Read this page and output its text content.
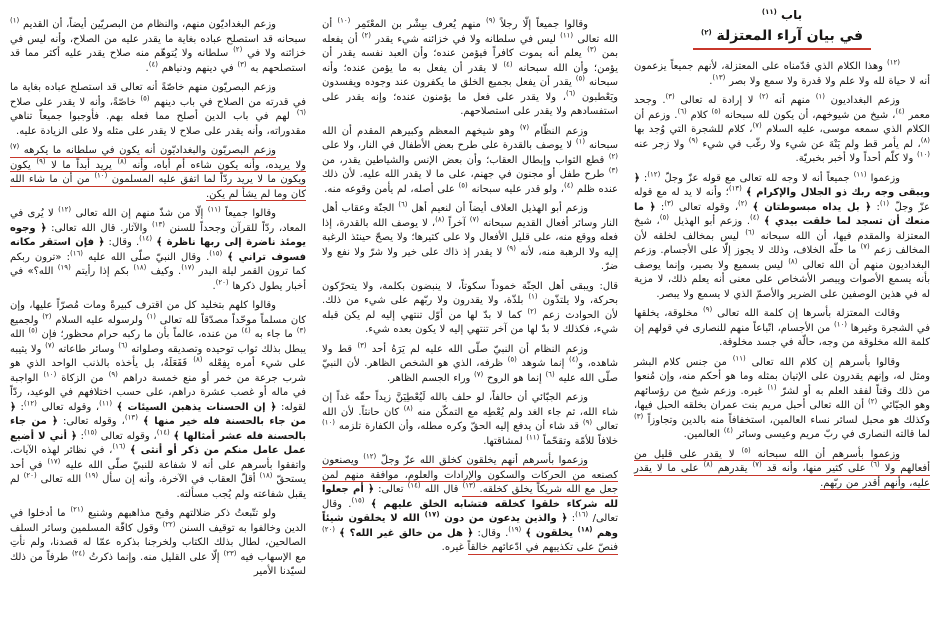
باب $^{(١١)}$
في بيان آراء المعتزلة $^{(٢)}$

$^{(١٢)}$ وهذا الكلام الذي قدّمناه على المعتزلة، لأنهم جميعاً يزعمون أنه لا حياة لله ولا علم ولا قدرة ولا سمع ولا بصر $^{(١٣)}$.

وزعم البغداديون $^{(١)}$ منهم أنه $^{(٢)}$ لا إرادة له تعالى $^{(٣)}$. وجحد معمر $^{(٤)}$، شيخ من شيوخهم، أن يكون لله سبحانه $^{(٥)}$ كلام $^{(٦)}$. وزعم أن الكلام الذي سمعه موسى، عليه السلام $^{(٧)}$، كلام للشجرة التي وُجد بها $^{(٨)}$، لم يأمر قط ولم يَنْهَ عن شيء ولا رغّب في شيء $^{(٩)}$ ولا زجر عنه $^{(١٠)}$ ولا كلّم أحداً ولا أخبر بخبريّة.

وزعموا $^{(١١)}$ جميعاً أنه لا وجه لله تعالى مع قوله عزّ وجلّ $^{(١٢)}$: ﴿ ويبقى وجه ربك ذو الجلال والإكرام ﴾ $^{(١٣)}$؛ وأنه لا يد له مع قوله عزّ وجلّ $^{(١)}$: ﴿ بل يداه مبسوطتان ﴾ $^{(٢)}$، وقوله تعالى $^{(٣)}$: ﴿ ما منعك أن تسجد لما خلقت بيدي ﴾ $^{(٤)}$. وزعم أبو الهذيل $^{(٥)}$، شيخ المعتزلة والمقدم فيها، أن الله سبحانه $^{(٦)}$ ليس بمخالف لخلقه لأن المخالف زعم $^{(٧)}$ ما حلّه الخلاف، وذلك لا يجوز إلّا على الأجسام. وزعم البغداديون منهم أن الله تعالى $^{(٨)}$ ليس بسميع ولا بصير، وإنما يوصف بأنه يسمع الأصوات ويبصر الأشخاص على معنى أنه يعلم ذلك، لا مزية له في هذين الوصفين على الضرير والأصمّ الذي لا يسمع ولا يبصر.

وقالت المعتزلة بأسرها إن كلمة الله تعالى $^{(٩)}$ مخلوقة، يخلقها في الشجرة وغيرها $^{(١٠)}$ من الأجسام، اتّباعاً منهم للنصارى في قولهم إن كلمة الله مخلوقة من وجه، حالّة في جسد مخلوقة.

وقالوا بأسرهم إن كلام الله تعالى $^{(١١)}$ من جنس كلام البشر ومثل له، وإنهم يقدرون على الإتيان بمثله وما هو أحكم منه، وإن مُنعوا من ذلك وقتاً لفقد العلم به أو لشرّ $^{(١)}$ غيره. وزعم شيخ من رؤسائهم وهو الجبّائي $^{(٢)}$ أن الله تعالى أحبل مريم بنت عمران بخلقه الحبل فيها، وكذلك هو محبل لسائر نساء العالمين، استخفافاً منه بالدين وتجاوزاً $^{(٣)}$ لما قالته النصارى في ربّ مريم وعيسى وسائر $^{(٤)}$ العالمين.

وزعموا بأسرهم أن الله سبحانه $^{(٥)}$ لا يقدر على قليل من أفعالهم ولا $^{(٦)}$ على كثير منها، وأنه قد $^{(٧)}$ يقدرهم $^{(٨)}$ على ما لا يقدر عليه، وأنهم أقدر من ربّهم.

وقالوا جميعاً إلّا رجلاً $^{(٩)}$ منهم يُعرف ببِشْر بن المعْتَمِر $^{(١٠)}$ أن الله تعالى $^{(١١)}$ ليس في سلطانه ولا في خزائنه شيء يقدر $^{(٢)}$ أن يفعله بمن $^{(٣)}$ يعلم أنه يموت كافراً فيؤمن عنده؛ وأن العبد نفسه يقدر أن يؤمن؛ وأن الله سبحانه $^{(٤)}$ لا يقدر أن يفعل به ما يؤمن عنده؛ وأنه سبحانه $^{(٥)}$ يقدر أن يفعل بجميع الخلق ما يكفرون عند وجوده ويفسدون ويَعْطبون $^{(٦)}$، ولا يقدر على فعل ما يؤمنون عنده؛ وإنه يقدر على استفسادهم ولا يقدر على استصلاحهم.

وزعم النظّام $^{(٧)}$ وهو شيخهم المعظم وكبيرهم المقدم أن الله سبحانه $^{(١)}$ لا يوصف بالقدرة على طرح بعض الأطفال في النار، ولا على $^{(٢)}$ قطع الثواب وإبطال العقاب؛ وأن بعض الإنس والشياطين يقدر، من $^{(٣)}$ طرح طفل أو مجنون في جهنم، على ما لا يقدر الله عليه. لأن ذلك عنده ظلم $^{(٤)}$، ولو قدر عليه سبحانه $^{(٥)}$ على أصله، لم يأمن وقوعه منه.

وزعم أبو الهذيل العلاف أيضاً أن لنعيم أهل $^{(٦)}$ الجنّة وعقاب أهل النار وسائر أفعال القديم سبحانه $^{(٧)}$ آخراً $^{(٨)}$، لا يوصف الله بالقدرة، إذا فعله ووقع منه، على قليل الأفعال ولا على كثيرها؛ ولا يصحّ حينئذ الرغبة إليه ولا الرهبة منه، لأنه $^{(٩)}$ لا يقدر إذ ذاك على خير ولا شرّ ولا نفع ولا ضرّ.

قال: ويبقى أهل الجنّة خموداً سكوتاً، لا ينبضون بكلمة، ولا يتحرّكون بحركة، ولا يلتذّون $^{(١)}$ بلذّة، ولا يقدرون ولا ربّهم على شيء من ذلك. لأن الحوادث زعم $^{(٢)}$ كما لا بدّ لها من أوّل تنتهي إليه لم يكن قبله شيء، فكذلك لا بدّ لها من آخر تنتهي إليه لا يكون بعده شيء.

وزعم النظام أن النبيّ صلّى الله عليه لم يَرَهُ أحد $^{(٣)}$ قط ولا شاهده، و$^{(٤)}$ إنما شوهد $^{(٥)}$ ظرفه، الذي هو الشخص الظاهر. لأن النبيّ صلّى الله عليه $^{(٦)}$ إنما هو الروح $^{(٧)}$ وراء الجسم الظاهر.

وزعم الجبّائي أن حالفاً، لو حلف بالله لَيُعْطِيَنَّ زيداً حقّه غداً إن شاء الله، ثم جاء الغد ولم يُعْطِه مع التمكّن منه $^{(٨)}$ كان حانثاً. لأن الله تعالى $^{(٩)}$ قد شاء أن يدفع إليه الحقّ وكره مطله، وأن الكفارة تلزمه $^{(١٠)}$ خلافاً للأمّة وتقحّماً $^{(١١)}$ لمشاقتها.

وزعموا بأسرهم أنهم يخلقون كخلق الله عزّ وجلّ $^{(١٢)}$ ويصنعون كصنعه من الحركات والسكون والإرادات والعلوم، موافقة منهم لمن جعل مع الله شريكاً يخلق كخلقه. $^{(١٣)}$ قال الله $^{(١٤)}$ تعالى: ﴿ أم جعلوا لله شركاء خلقوا كخلقه فتشابه الخلق عليهم ﴾ $^{(١٥)}$. وقال تعالى/ $^{(١٦)}$: ﴿ والذين يدعون من دون $^{(١٧)}$ الله لا يخلقون شيئاً وهم $^{(١٨)}$ يخلقون ﴾ $^{(١٩)}$. وقال: ﴿ هل من خالق غير الله؟ ﴾ $^{(٢٠)}$ فنصّ على تكذيبهم في ادّعائهم خالقاً غيره.

وزعم البغداديّون منهم، والنظام من البصريّين أيضاً، أن القديم $^{(١)}$ سبحانه قد استصلح عباده بغاية ما يقدر عليه من الصلاح، وأنه ليس في خزائنه ولا في $^{(٢)}$ سلطانه ولا يُتوهّم منه صلاح يقدر عليه أكثر مما قد استصلحهم به $^{(٣)}$ في دينهم ودنياهم $^{(٤)}$.

وزعم البصريّون منهم خاصّةً أنه تعالى قد استصلح عباده بغاية ما في قدرته من الصلاح في باب دينهم $^{(٥)}$ خاصّةً، وأنه لا يقدر على صلاح $^{(٦)}$ لهم في باب الدين أصلح مما فعله بهم. فأوجبوا جميعاً تناهي مقدوراته، وأنه يقدر على صلاح لا يقدر على مثله ولا على الزيادة عليه.

وزعم البصريّون والبغداديّون أنه يكون في سلطانه ما يكرهه $^{(٧)}$ ولا يريده، وأنه يكون شاءه أم أباه، وأنه $^{(٨)}$ يريد أبداً ما لا $^{(٩)}$ يكون ويكون ما لا يريد ردّاً لما اتفق عليه المسلمون $^{(١٠)}$ من أن ما شاء الله كان وما لم يشأ لم يكن.

وقالوا جميعاً $^{(١١)}$ إلّا من شذّ منهم إن الله تعالى $^{(١٢)}$ لا يُرى في المعاد، ردّاً للقرآن وجحداً للسنن $^{(١٣)}$ والآثار. قال الله تعالى: ﴿ وجوه يومئذ ناضرة إلى ربها ناظرة ﴾ $^{(١٤)}$. وقال: ﴿ فإن استقر مكانه فسوف تراني ﴾ $^{(١٥)}$. وقال النبيّ صلّى الله عليه $^{(١٦)}$: «ترون ربكم كما ترون القمر ليلة البدر $^{(١٧)}$. وكيف $^{(١٨)}$ بكم إذا رأيتم $^{(١٩)}$ الله؟» في أخبار يطول ذكرها $^{(٢٠)}$.

وقالوا كلهم بتخليد كل من اقترف كبيرةً ومات مُصرّاً عليها، وإن كان مسلماً موحّداً مصدّقاً لله تعالى $^{(١)}$ ولرسوله عليه السلام $^{(٢)}$ ولجميع $^{(٣)}$ ما جاء به $^{(٤)}$ من عنده، عالماً بأن ما ركبه حرام محظور؛ فإن $^{(٥)}$ الله يبطل بذلك ثواب توحيده وتصديقه وصلواته $^{(٦)}$ وسائر طاعاته $^{(٧)}$ ولا يثيبه على شيء أمره بِفِعْله $^{(٨)}$ فَفَعَلَهُ، بل يأخذه بالذنب الواحد الذي هو شرب جرعة من خمر أو منع خمسة دراهم $^{(٩)}$ من الزكاة $^{(١٠)}$ الواجبة في ماله أو غصب عشرة دراهم، على حسب اختلافهم في الوعيد، ردّاً لقوله: ﴿ إن الحسنات يذهبن السيئات ﴾ $^{(١١)}$، وقوله تعالى $^{(١٢)}$: ﴿ من جاء بالحسنة فله خير منها ﴾ $^{(١٣)}$، وقوله تعالى: ﴿ من جاء بالحسنة فله عشر أمثالها ﴾ $^{(١٤)}$، وقوله تعالى $^{(١٥)}$: ﴿ أني لا أضيع عمل عامل منكم من ذكر أو أنثى ﴾ $^{(١٦)}$، في نظائر لهذه الآيات. واتفقوا بأسرهم على أنه لا شفاعة للنبيّ صلّى الله عليه $^{(١٧)}$ في أحد يستحقّ $^{(١٨)}$ أقلّ العقاب في الآخرة، وأنه إن سأل $^{(١٩)}$ الله تعالى $^{(٢٠)}$ لم يقبل شفاعته ولم يُجب مسألته.

ولو تتّبعتُ ذكر ضلالتهم وقبح مذاهبهم وشنيع $^{(٢١)}$ ما أدخلوا في الدين وخالفوا به توقيف السنن $^{(٢٢)}$ وقول كافّة المسلمين وسائر السلف الصالحين، لطال بذلك الكتاب ولخرجنا بذكره عمّا له قصدنا، ولم نأتِ مع الإسهاب فيه $^{(٢٣)}$ إلّا على القليل منه. وإنما ذكرتُ $^{(٢٤)}$ طرفاً من ذلك لسيّدنا الأمير
